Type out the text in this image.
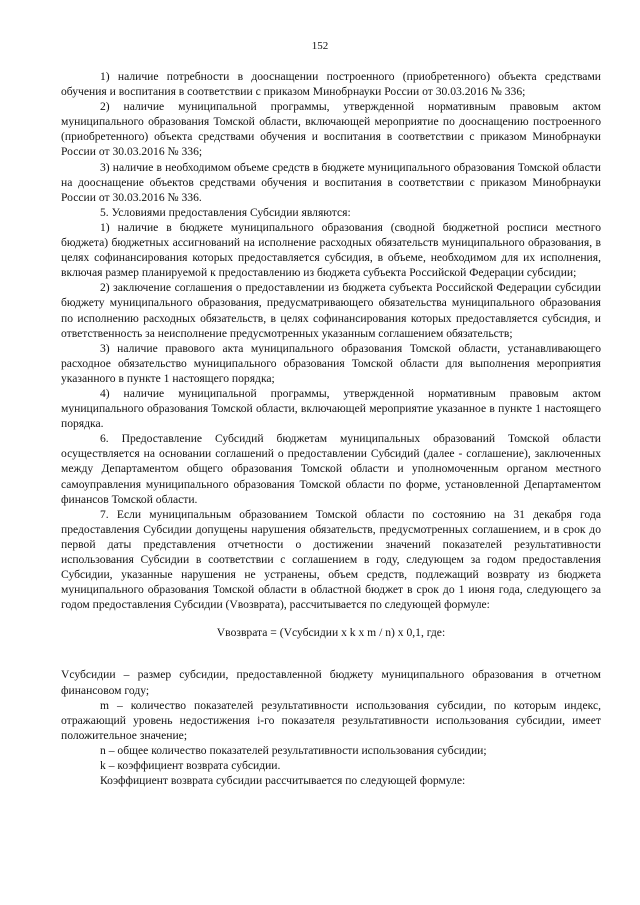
152

1) наличие потребности в дооснащении построенного (приобретенного) объекта средствами обучения и воспитания в соответствии с приказом Минобрнауки России от 30.03.2016 № 336;

2) наличие муниципальной программы, утвержденной нормативным правовым актом муниципального образования Томской области, включающей мероприятие по дооснащению построенного (приобретенного) объекта средствами обучения и воспитания в соответствии с приказом Минобрнауки России от 30.03.2016 № 336;

3) наличие в необходимом объеме средств в бюджете муниципального образования Томской области на дооснащение объектов средствами обучения и воспитания в соответствии с приказом Минобрнауки России от 30.03.2016 № 336.

5. Условиями предоставления Субсидии являются:

1) наличие в бюджете муниципального образования (сводной бюджетной росписи местного бюджета) бюджетных ассигнований на исполнение расходных обязательств муниципального образования, в целях софинансирования которых предоставляется субсидия, в объеме, необходимом для их исполнения, включая размер планируемой к предоставлению из бюджета субъекта Российской Федерации субсидии;

2) заключение соглашения о предоставлении из бюджета субъекта Российской Федерации субсидии бюджету муниципального образования, предусматривающего обязательства муниципального образования по исполнению расходных обязательств, в целях софинансирования которых предоставляется субсидия, и ответственность за неисполнение предусмотренных указанным соглашением обязательств;

3) наличие правового акта муниципального образования Томской области, устанавливающего расходное обязательство муниципального образования Томской области для выполнения мероприятия указанного в пункте 1 настоящего порядка;

4) наличие муниципальной программы, утвержденной нормативным правовым актом муниципального образования Томской области, включающей мероприятие указанное в пункте 1 настоящего порядка.

6. Предоставление Субсидий бюджетам муниципальных образований Томской области осуществляется на основании соглашений о предоставлении Субсидий (далее - соглашение), заключенных между Департаментом общего образования Томской области и уполномоченным органом местного самоуправления муниципального образования Томской области по форме, установленной Департаментом финансов Томской области.

7. Если муниципальным образованием Томской области по состоянию на 31 декабря года предоставления Субсидии допущены нарушения обязательств, предусмотренных соглашением, и в срок до первой даты представления отчетности о достижении значений показателей результативности использования Субсидии в соответствии с соглашением в году, следующем за годом предоставления Субсидии, указанные нарушения не устранены, объем средств, подлежащий возврату из бюджета муниципального образования Томской области в областной бюджет в срок до 1 июня года, следующего за годом предоставления Субсидии (Vвозврата), рассчитывается по следующей формуле:

Vвозврата = (Vсубсидии x k x m / n) x 0,1, где:

Vсубсидии – размер субсидии, предоставленной бюджету муниципального образования в отчетном финансовом году;

m – количество показателей результативности использования субсидии, по которым индекс, отражающий уровень недостижения i-го показателя результативности использования субсидии, имеет положительное значение;

n – общее количество показателей результативности использования субсидии;

k – коэффициент возврата субсидии.

Коэффициент возврата субсидии рассчитывается по следующей формуле:
